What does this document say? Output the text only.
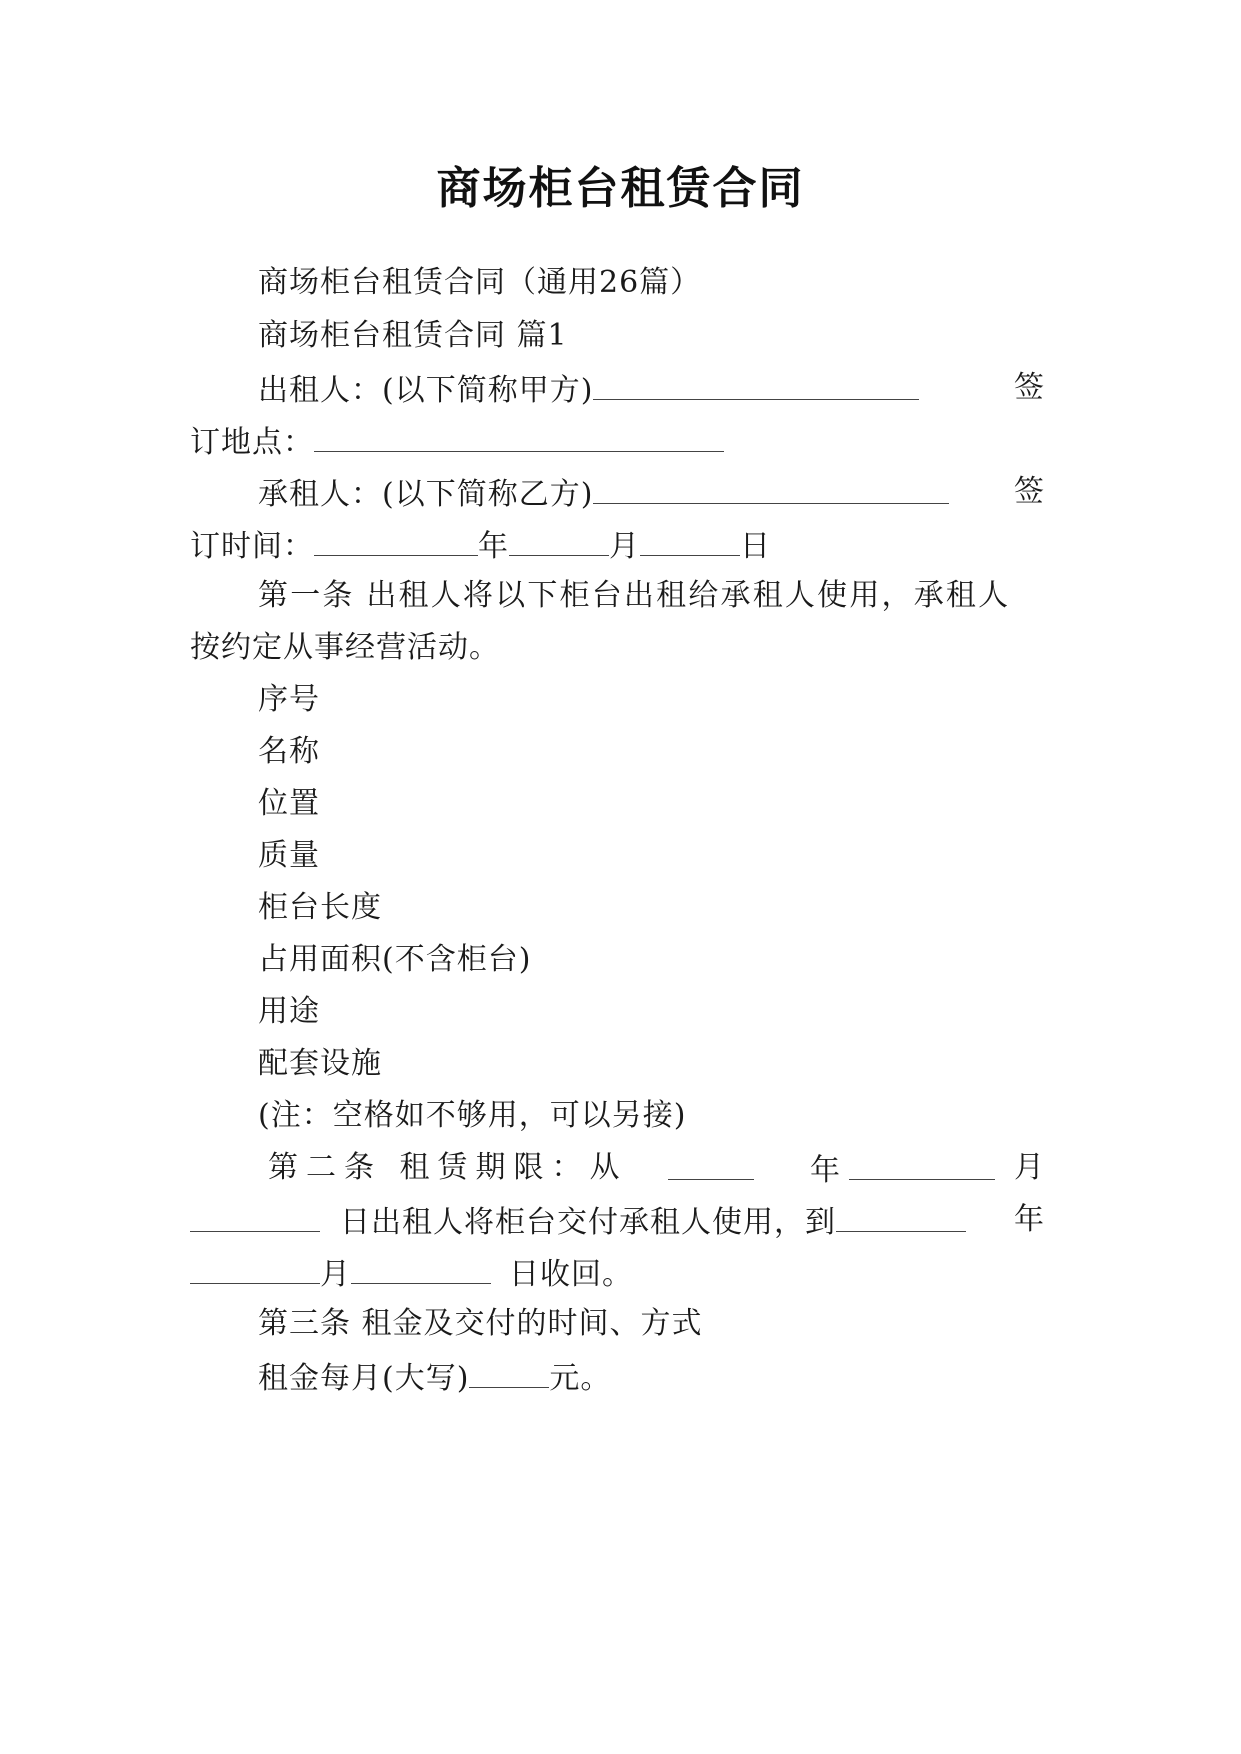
商场柜台租赁合同
商场柜台租赁合同（通用26篇）
商场柜台租赁合同 篇1
出租人：(以下简称甲方)	签
订地点：
承租人：(以下简称乙方)	签
订时间：	年	月	日
第一条 出租人将以下柜台出租给承租人使用，承租人
按约定从事经营活动。
序号
名称
位置
质量
柜台长度
占用面积(不含柜台)
用途
配套设施
(注：空格如不够用，可以另接)
第二条 租赁期限：从	年	月
日出租人将柜台交付承租人使用，到	年
月	日收回。
第三条 租金及交付的时间、方式
租金每月(大写)	元。
